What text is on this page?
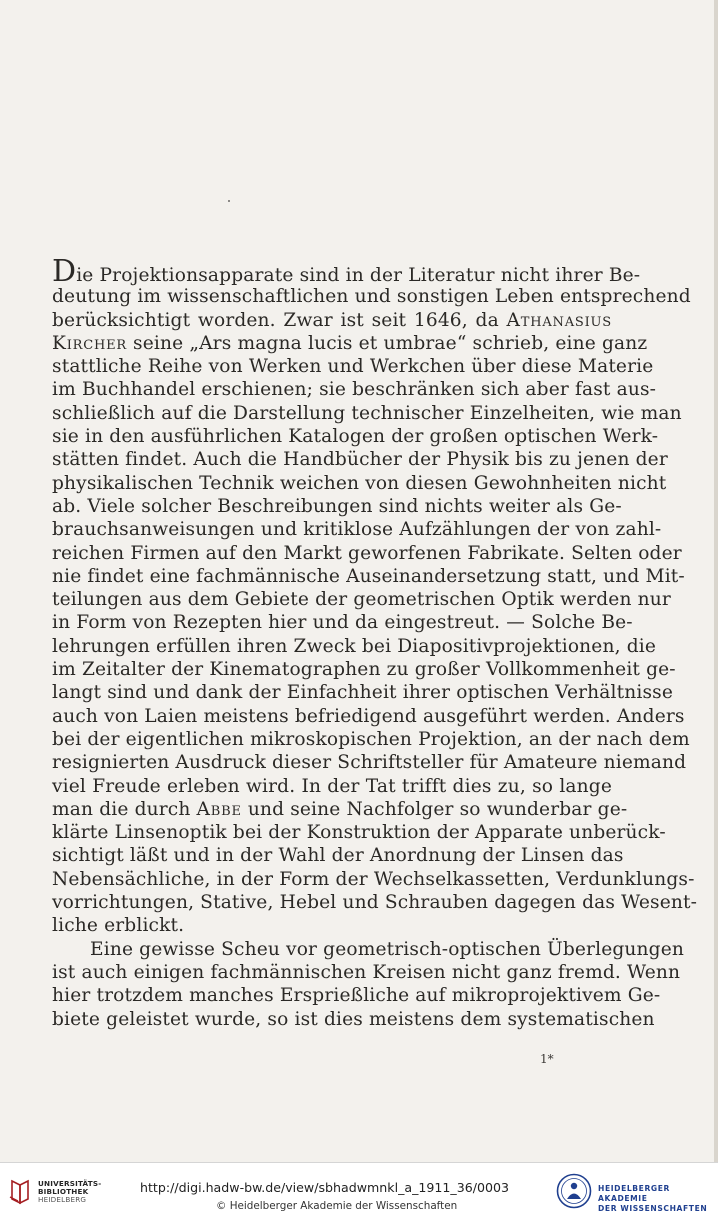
Die Projektionsapparate sind in der Literatur nicht ihrer Be-
deutung im wissenschaftlichen und sonstigen Leben entsprechend
berücksichtigt worden. Zwar ist seit 1646, da Athanasius
Kircher seine „Ars magna lucis et umbrae“ schrieb, eine ganz
stattliche Reihe von Werken und Werkchen über diese Materie
im Buchhandel erschienen; sie beschränken sich aber fast aus-
schließlich auf die Darstellung technischer Einzelheiten, wie man
sie in den ausführlichen Katalogen der großen optischen Werk-
stätten findet. Auch die Handbücher der Physik bis zu jenen der
physikalischen Technik weichen von diesen Gewohnheiten nicht
ab. Viele solcher Beschreibungen sind nichts weiter als Ge-
brauchsanweisungen und kritiklose Aufzählungen der von zahl-
reichen Firmen auf den Markt geworfenen Fabrikate. Selten oder
nie findet eine fachmännische Auseinandersetzung statt, und Mit-
teilungen aus dem Gebiete der geometrischen Optik werden nur
in Form von Rezepten hier und da eingestreut. — Solche Be-
lehrungen erfüllen ihren Zweck bei Diapositivprojektionen, die
im Zeitalter der Kinematographen zu großer Vollkommenheit ge-
langt sind und dank der Einfachheit ihrer optischen Verhältnisse
auch von Laien meistens befriedigend ausgeführt werden. Anders
bei der eigentlichen mikroskopischen Projektion, an der nach dem
resignierten Ausdruck dieser Schriftsteller für Amateure niemand
viel Freude erleben wird. In der Tat trifft dies zu, so lange
man die durch Abbe und seine Nachfolger so wunderbar ge-
klärte Linsenoptik bei der Konstruktion der Apparate unberück-
sichtigt läßt und in der Wahl der Anordnung der Linsen das
Nebensächliche, in der Form der Wechselkassetten, Verdunklungs-
vorrichtungen, Stative, Hebel und Schrauben dagegen das Wesent-
liche erblickt.
Eine gewisse Scheu vor geometrisch-optischen Überlegungen
ist auch einigen fachmännischen Kreisen nicht ganz fremd. Wenn
hier trotzdem manches Ersprießliche auf mikroprojektivem Ge-
biete geleistet wurde, so ist dies meistens dem systematischen
1*
UNIVERSITÄTS-
BIBLIOTHEK
HEIDELBERG
http://digi.hadw-bw.de/view/sbhadwmnkl_a_1911_36/0003
© Heidelberger Akademie der Wissenschaften
HEIDELBERGER AKADEMIE
DER WISSENSCHAFTEN
